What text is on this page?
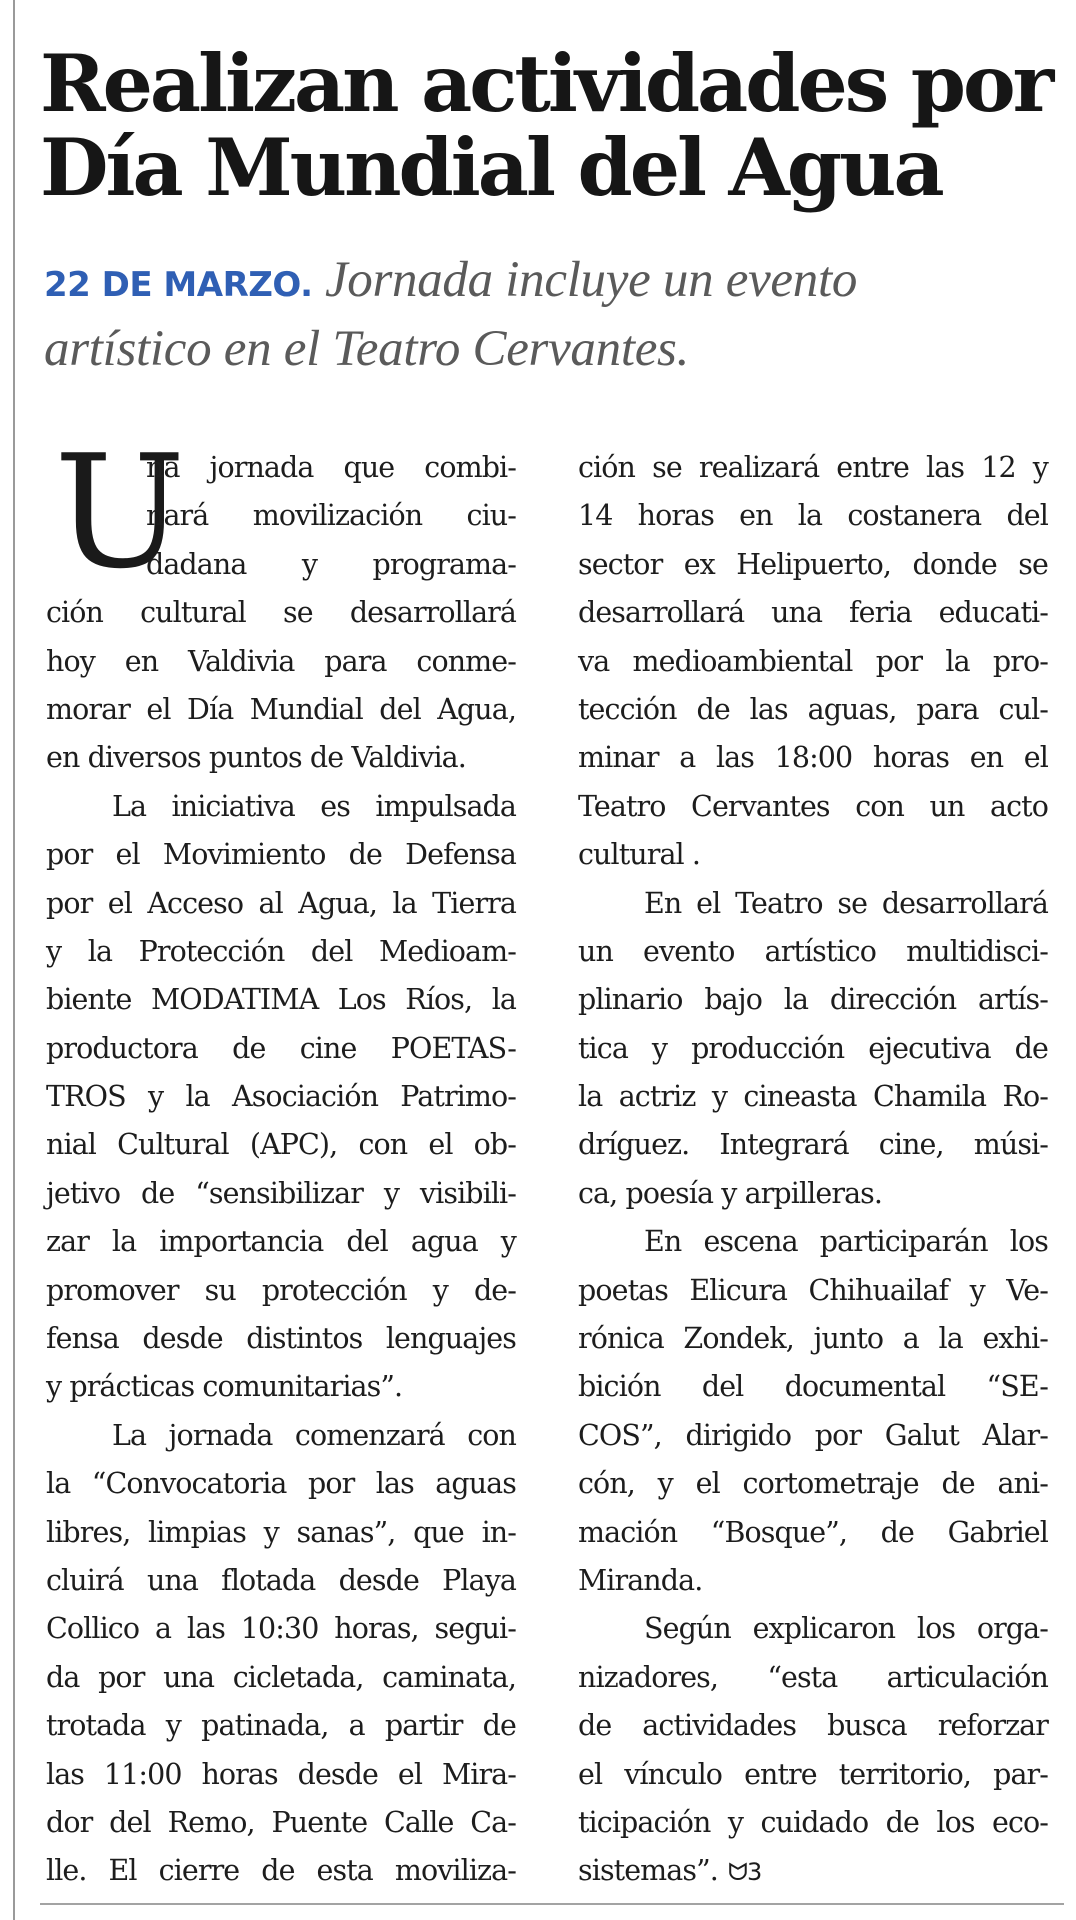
Realizan actividades por
Día Mundial del Agua
22 DE MARZO. Jornada incluye un evento
artístico en el Teatro Cervantes.
U
na jornada que combi-
nará movilización ciu-
dadana y programa-
ción cultural se desarrollará
hoy en Valdivia para conme-
morar el Día Mundial del Agua,
en diversos puntos de Valdivia.
La iniciativa es impulsada
por el Movimiento de Defensa
por el Acceso al Agua, la Tierra
y la Protección del Medioam-
biente MODATIMA Los Ríos, la
productora de cine POETAS-
TROS y la Asociación Patrimo-
nial Cultural (APC), con el ob-
jetivo de “sensibilizar y visibili-
zar la importancia del agua y
promover su protección y de-
fensa desde distintos lenguajes
y prácticas comunitarias”.
La jornada comenzará con
la “Convocatoria por las aguas
libres, limpias y sanas”, que in-
cluirá una flotada desde Playa
Collico a las 10:30 horas, segui-
da por una cicletada, caminata,
trotada y patinada, a partir de
las 11:00 horas desde el Mira-
dor del Remo, Puente Calle Ca-
lle. El cierre de esta moviliza-
ción se realizará entre las 12 y
14 horas en la costanera del
sector ex Helipuerto, donde se
desarrollará una feria educati-
va medioambiental por la pro-
tección de las aguas, para cul-
minar a las 18:00 horas en el
Teatro Cervantes con un acto
cultural .
En el Teatro se desarrollará
un evento artístico multidisci-
plinario bajo la dirección artís-
tica y producción ejecutiva de
la actriz y cineasta Chamila Ro-
dríguez. Integrará cine, músi-
ca, poesía y arpilleras.
En escena participarán los
poetas Elicura Chihuailaf y Ve-
rónica Zondek, junto a la exhi-
bición del documental “SE-
COS”, dirigido por Galut Alar-
cón, y el cortometraje de ani-
mación “Bosque”, de Gabriel
Miranda.
Según explicaron los orga-
nizadores, “esta articulación
de actividades busca reforzar
el vínculo entre territorio, par-
ticipación y cuidado de los eco-
sistemas”. ᗢ3
